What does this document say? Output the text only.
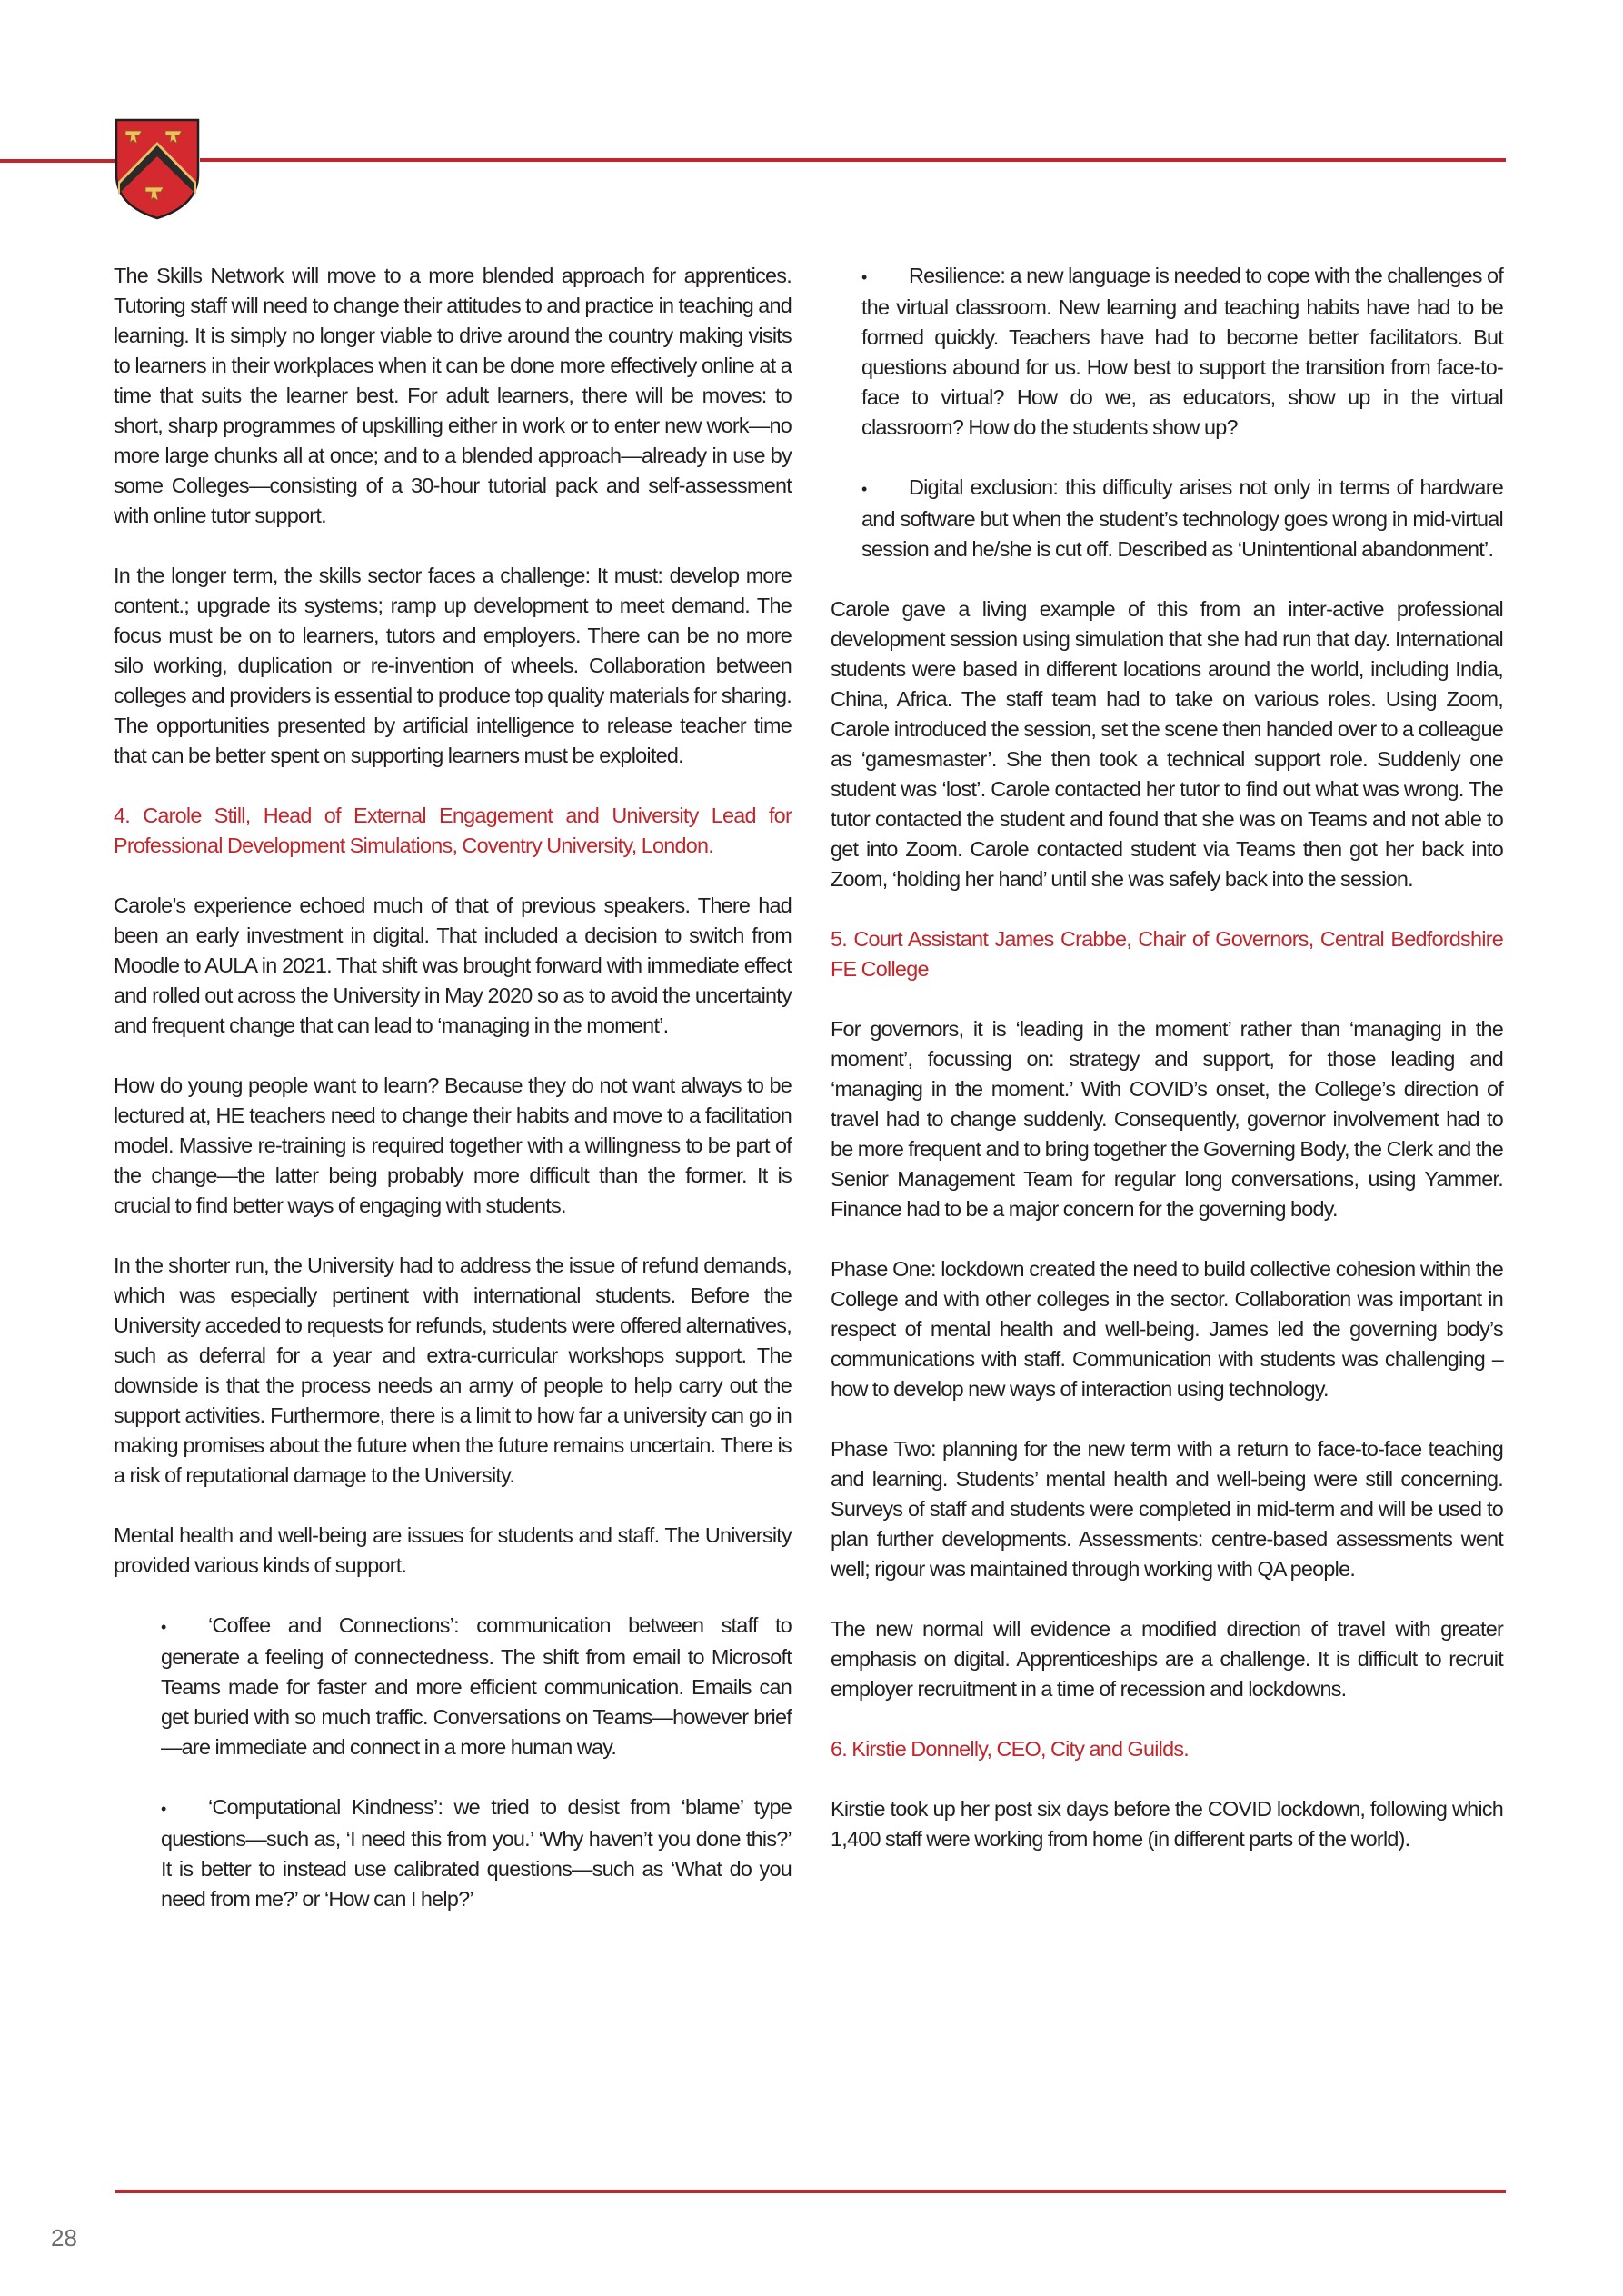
The Skills Network will move to a more blended approach for apprentices. Tutoring staff will need to change their attitudes to and practice in teaching and learning. It is simply no longer viable to drive around the country making visits to learners in their workplaces when it can be done more effectively online at a time that suits the learner best. For adult learners, there will be moves: to short, sharp programmes of upskilling either in work or to enter new work—no more large chunks all at once; and to a blended approach—already in use by some Colleges—consisting of a 30-hour tutorial pack and self-assessment with online tutor support.

In the longer term, the skills sector faces a challenge: It must: develop more content.; upgrade its systems; ramp up development to meet demand. The focus must be on to learners, tutors and employers. There can be no more silo working, duplication or re-invention of wheels. Collaboration between colleges and providers is essential to produce top quality materials for sharing. The opportunities presented by artificial intelligence to release teacher time that can be better spent on supporting learners must be exploited.

4. Carole Still, Head of External Engagement and University Lead for Professional Development Simulations, Coventry University, London.

Carole’s experience echoed much of that of previous speakers. There had been an early investment in digital. That included a decision to switch from Moodle to AULA in 2021. That shift was brought forward with immediate effect and rolled out across the University in May 2020 so as to avoid the uncertainty and frequent change that can lead to ‘managing in the moment’.

How do young people want to learn? Because they do not want always to be lectured at, HE teachers need to change their habits and move to a facilitation model. Massive re-training is required together with a willingness to be part of the change—the latter being probably more difficult than the former. It is crucial to find better ways of engaging with students.

In the shorter run, the University had to address the issue of refund demands, which was especially pertinent with international students. Before the University acceded to requests for refunds, students were offered alternatives, such as deferral for a year and extra-curricular workshops support. The downside is that the process needs an army of people to help carry out the support activities. Furthermore, there is a limit to how far a university can go in making promises about the future when the future remains uncertain. There is a risk of reputational damage to the University.

Mental health and well-being are issues for students and staff. The University provided various kinds of support.

• ‘Coffee and Connections’: communication between staff to generate a feeling of connectedness. The shift from email to Microsoft Teams made for faster and more efficient communication. Emails can get buried with so much traffic. Conversations on Teams—however brief—are immediate and connect in a more human way.
• ‘Computational Kindness’: we tried to desist from ‘blame’ type questions—such as, ‘I need this from you.’ ‘Why haven’t you done this?’ It is better to instead use calibrated questions—such as ‘What do you need from me?’ or ‘How can I help?’
• Resilience: a new language is needed to cope with the challenges of the virtual classroom. New learning and teaching habits have had to be formed quickly. Teachers have had to become better facilitators. But questions abound for us. How best to support the transition from face-to-face to virtual? How do we, as educators, show up in the virtual classroom? How do the students show up?
• Digital exclusion: this difficulty arises not only in terms of hardware and software but when the student’s technology goes wrong in mid-virtual session and he/she is cut off. Described as ‘Unintentional abandonment’.

Carole gave a living example of this from an inter-active professional development session using simulation that she had run that day. International students were based in different locations around the world, including India, China, Africa. The staff team had to take on various roles. Using Zoom, Carole introduced the session, set the scene then handed over to a colleague as ‘gamesmaster’. She then took a technical support role. Suddenly one student was ‘lost’. Carole contacted her tutor to find out what was wrong. The tutor contacted the student and found that she was on Teams and not able to get into Zoom. Carole contacted student via Teams then got her back into Zoom, ‘holding her hand’ until she was safely back into the session.

5. Court Assistant James Crabbe, Chair of Governors, Central Bedfordshire FE College

For governors, it is ‘leading in the moment’ rather than ‘managing in the moment’, focussing on: strategy and support, for those leading and ‘managing in the moment.’ With COVID’s onset, the College’s direction of travel had to change suddenly. Consequently, governor involvement had to be more frequent and to bring together the Governing Body, the Clerk and the Senior Management Team for regular long conversations, using Yammer. Finance had to be a major concern for the governing body.

Phase One: lockdown created the need to build collective cohesion within the College and with other colleges in the sector. Collaboration was important in respect of mental health and well-being. James led the governing body’s communications with staff. Communication with students was challenging – how to develop new ways of interaction using technology.

Phase Two: planning for the new term with a return to face-to-face teaching and learning. Students’ mental health and well-being were still concerning. Surveys of staff and students were completed in mid-term and will be used to plan further developments. Assessments: centre-based assessments went well; rigour was maintained through working with QA people.

The new normal will evidence a modified direction of travel with greater emphasis on digital. Apprenticeships are a challenge. It is difficult to recruit employer recruitment in a time of recession and lockdowns.

6. Kirstie Donnelly, CEO, City and Guilds.

Kirstie took up her post six days before the COVID lockdown, following which 1,400 staff were working from home (in different parts of the world).

28
